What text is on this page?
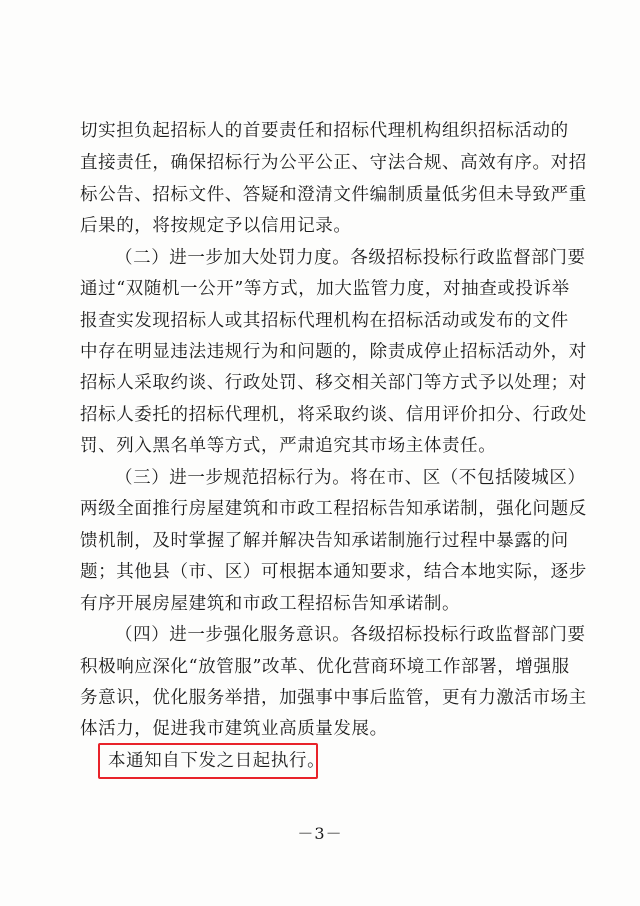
切实担负起招标人的首要责任和招标代理机构组织招标活动的
直接责任，确保招标行为公平公正、守法合规、高效有序。对招
标公告、招标文件、答疑和澄清文件编制质量低劣但未导致严重
后果的，将按规定予以信用记录。
（二）进一步加大处罚力度。各级招标投标行政监督部门要
通过“双随机一公开”等方式，加大监管力度，对抽查或投诉举
报查实发现招标人或其招标代理机构在招标活动或发布的文件
中存在明显违法违规行为和问题的，除责成停止招标活动外，对
招标人采取约谈、行政处罚、移交相关部门等方式予以处理；对
招标人委托的招标代理机，将采取约谈、信用评价扣分、行政处
罚、列入黑名单等方式，严肃追究其市场主体责任。
（三）进一步规范招标行为。将在市、区（不包括陵城区）
两级全面推行房屋建筑和市政工程招标告知承诺制，强化问题反
馈机制，及时掌握了解并解决告知承诺制施行过程中暴露的问
题；其他县（市、区）可根据本通知要求，结合本地实际，逐步
有序开展房屋建筑和市政工程招标告知承诺制。
（四）进一步强化服务意识。各级招标投标行政监督部门要
积极响应深化“放管服”改革、优化营商环境工作部署，增强服
务意识，优化服务举措，加强事中事后监管，更有力激活市场主
体活力，促进我市建筑业高质量发展。
本通知自下发之日起执行。
－3－
